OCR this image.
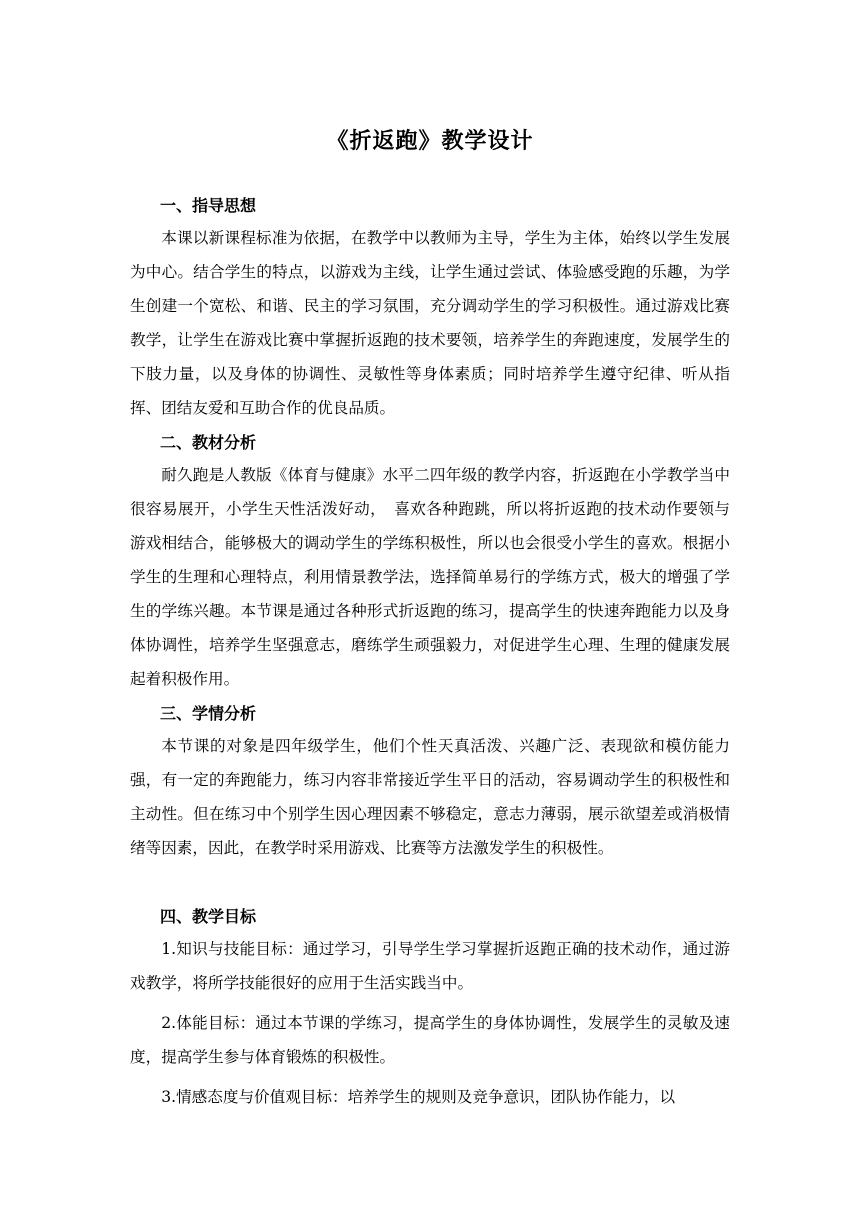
《折返跑》教学设计
一、指导思想
本课以新课程标准为依据，在教学中以教师为主导，学生为主体，始终以学生发展为中心。结合学生的特点，以游戏为主线，让学生通过尝试、体验感受跑的乐趣，为学生创建一个宽松、和谐、民主的学习氛围，充分调动学生的学习积极性。通过游戏比赛教学，让学生在游戏比赛中掌握折返跑的技术要领，培养学生的奔跑速度，发展学生的下肢力量，以及身体的协调性、灵敏性等身体素质；同时培养学生遵守纪律、听从指挥、团结友爱和互助合作的优良品质。
二、教材分析
耐久跑是人教版《体育与健康》水平二四年级的教学内容，折返跑在小学教学当中很容易展开，小学生天性活泼好动，　喜欢各种跑跳，所以将折返跑的技术动作要领与游戏相结合，能够极大的调动学生的学练积极性，所以也会很受小学生的喜欢。根据小学生的生理和心理特点，利用情景教学法，选择简单易行的学练方式，极大的增强了学生的学练兴趣。本节课是通过各种形式折返跑的练习，提高学生的快速奔跑能力以及身体协调性，培养学生坚强意志，磨练学生顽强毅力，对促进学生心理、生理的健康发展起着积极作用。
三、学情分析
本节课的对象是四年级学生，他们个性天真活泼、兴趣广泛、表现欲和模仿能力强，有一定的奔跑能力，练习内容非常接近学生平日的活动，容易调动学生的积极性和主动性。但在练习中个别学生因心理因素不够稳定，意志力薄弱，展示欲望差或消极情绪等因素，因此，在教学时采用游戏、比赛等方法激发学生的积极性。
四、教学目标
1.知识与技能目标：通过学习，引导学生学习掌握折返跑正确的技术动作，通过游戏教学，将所学技能很好的应用于生活实践当中。
2.体能目标：通过本节课的学练习，提高学生的身体协调性，发展学生的灵敏及速度，提高学生参与体育锻炼的积极性。
3.情感态度与价值观目标：培养学生的规则及竞争意识，团队协作能力，以
